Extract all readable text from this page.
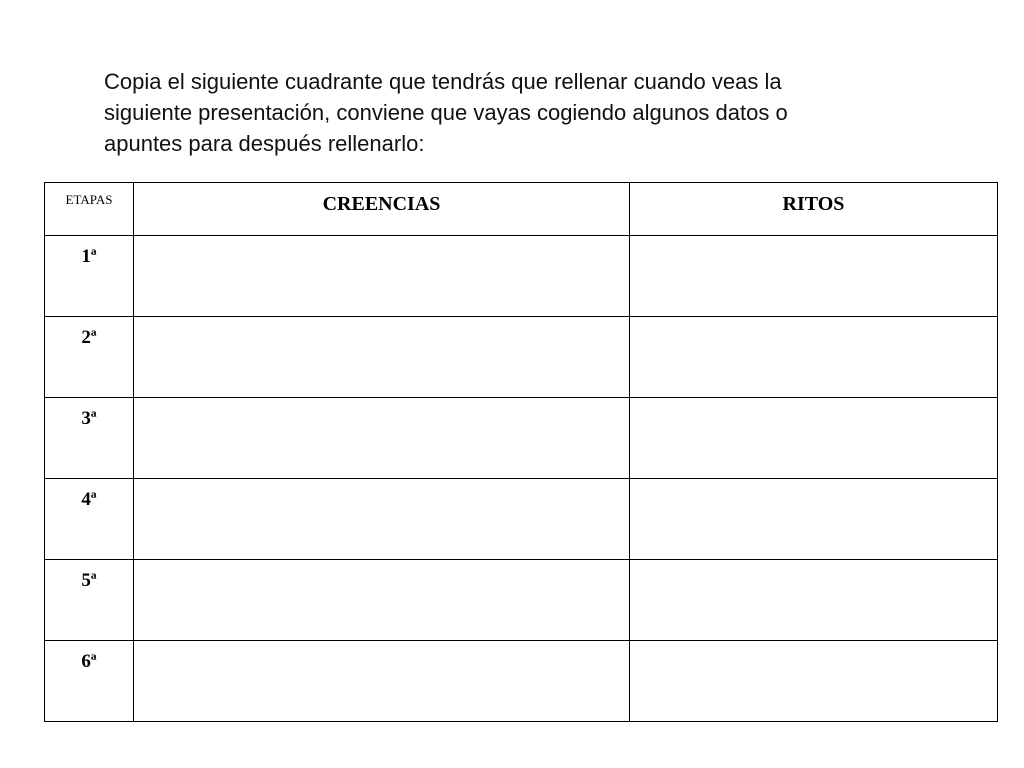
Copia el siguiente cuadrante que tendrás que rellenar cuando veas la
siguiente presentación, conviene que vayas cogiendo algunos datos o
apuntes para después rellenarlo:

ETAPAS	CREENCIAS	RITOS
1ª		
2ª		
3ª		
4ª		
5ª		
6ª		
